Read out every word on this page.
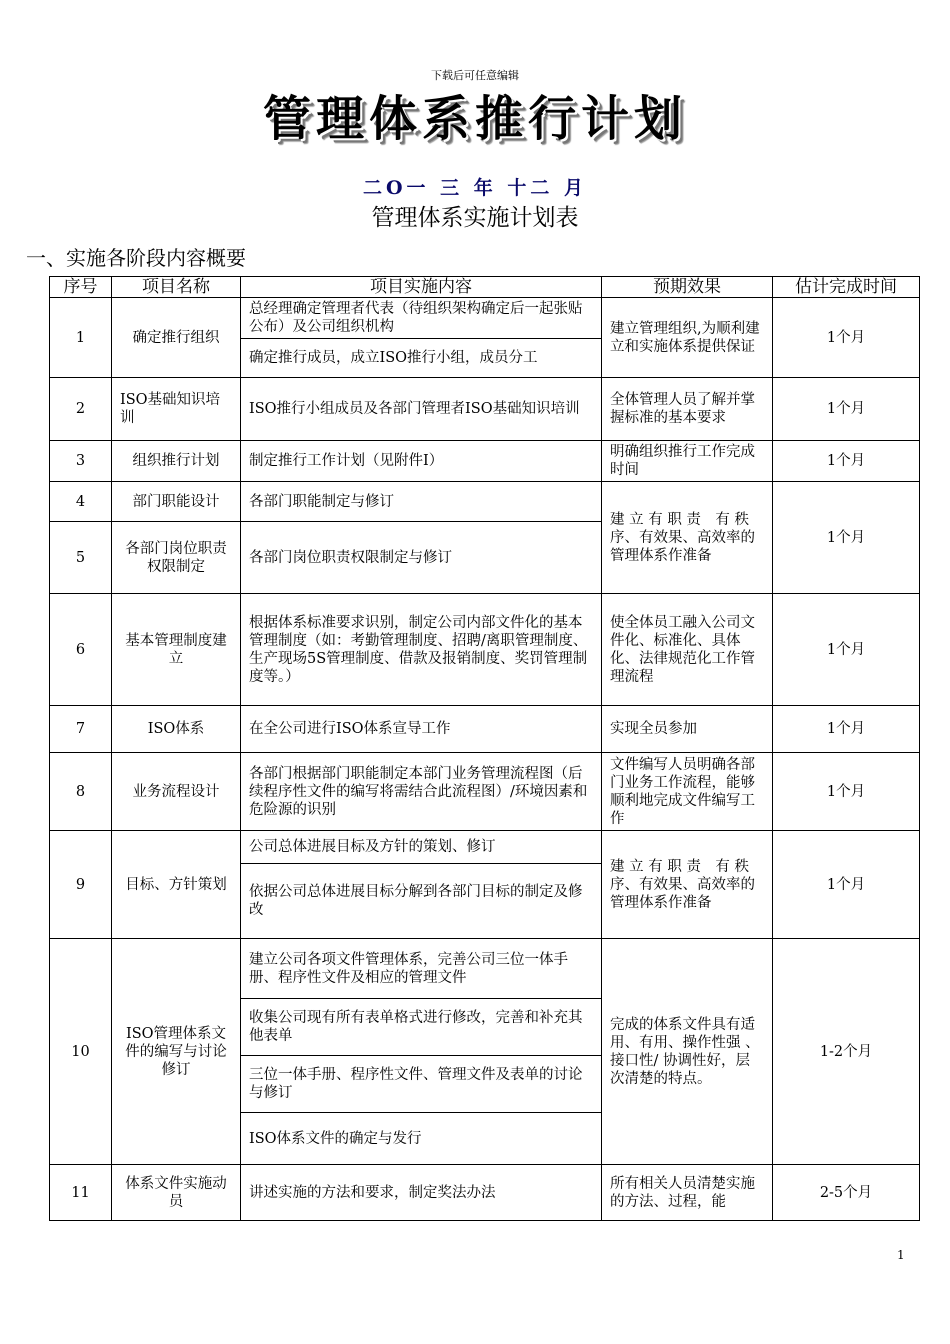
下载后可任意编辑
管理体系推行计划
二O一 三 年 十二 月
管理体系实施计划表
一、实施各阶段内容概要
序号	项目名称	项目实施内容	预期效果	估计完成时间
1	确定推行组织	总经理确定管理者代表（待组织架构确定后一起张贴公布）及公司组织机构	建立管理组织,为顺利建立和实施体系提供保证	1个月
		确定推行成员，成立ISO推行小组，成员分工		
2	ISO基础知识培训	ISO推行小组成员及各部门管理者ISO基础知识培训	全体管理人员了解并掌握标准的基本要求	1个月
3	组织推行计划	制定推行工作计划（见附件Ⅰ）	明确组织推行工作完成时间	1个月
4	部门职能设计	各部门职能制定与修订	建 立 有 职 责　有 秩序、有效果、高效率的管理体系作准备	1个月
5	各部门岗位职责权限制定	各部门岗位职责权限制定与修订		
6	基本管理制度建立	根据体系标准要求识别，制定公司内部文件化的基本管理制度（如：考勤管理制度、招聘/离职管理制度、生产现场5S管理制度、借款及报销制度、奖罚管理制度等。）	使全体员工融入公司文件化、标准化、具体化、法律规范化工作管理流程	1个月
7	ISO体系	在全公司进行ISO体系宣导工作	实现全员参加	1个月
8	业务流程设计	各部门根据部门职能制定本部门业务管理流程图（后续程序性文件的编写将需结合此流程图）/环境因素和危险源的识别	文件编写人员明确各部门业务工作流程，能够顺利地完成文件编写工作	1个月
9	目标、方针策划	公司总体进展目标及方针的策划、修订	建 立 有 职 责　有 秩序、有效果、高效率的管理体系作准备	1个月
		依据公司总体进展目标分解到各部门目标的制定及修改		
10	ISO管理体系文件的编写与讨论修订	建立公司各项文件管理体系，完善公司三位一体手册、程序性文件及相应的管理文件	完成的体系文件具有适用、有用、操作性强 、接口性/ 协调性好，层次清楚的特点。	1-2个月
		收集公司现有所有表单格式进行修改，完善和补充其他表单		
		三位一体手册、程序性文件、管理文件及表单的讨论与修订		
		ISO体系文件的确定与发行		
11	体系文件实施动员	讲述实施的方法和要求，制定奖法办法	所有相关人员清楚实施的方法、过程，能	2-5个月
1
